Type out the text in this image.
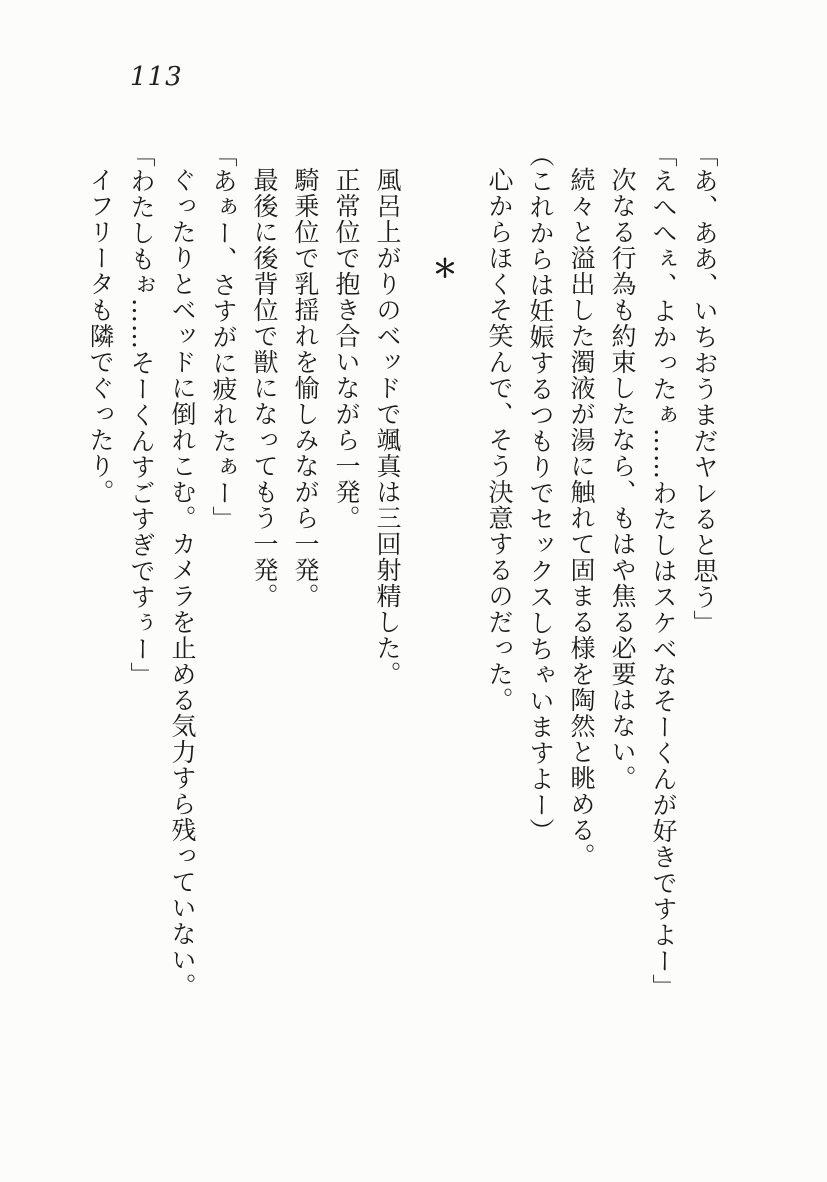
113

「あ、ああ、いちおうまだヤレると思う」

「えへへぇ、よかったぁ……わたしはスケベなそーくんが好きですよー」

次なる行為も約束したなら、もはや焦る必要はない。

続々と溢出した濁液が湯に触れて固まる様を陶然と眺める。

（これからは妊娠するつもりでセックスしちゃいますよー）

心からほくそ笑んで、そう決意するのだった。

＊

風呂上がりのベッドで颯真は三回射精した。

正常位で抱き合いながら一発。

騎乗位で乳揺れを愉しみながら一発。

最後に後背位で獣になってもう一発。

「あぁー、さすがに疲れたぁー」

ぐったりとベッドに倒れこむ。カメラを止める気力すら残っていない。

「わたしもぉ……そーくんすごすぎですぅー」

イフリータも隣でぐったり。
